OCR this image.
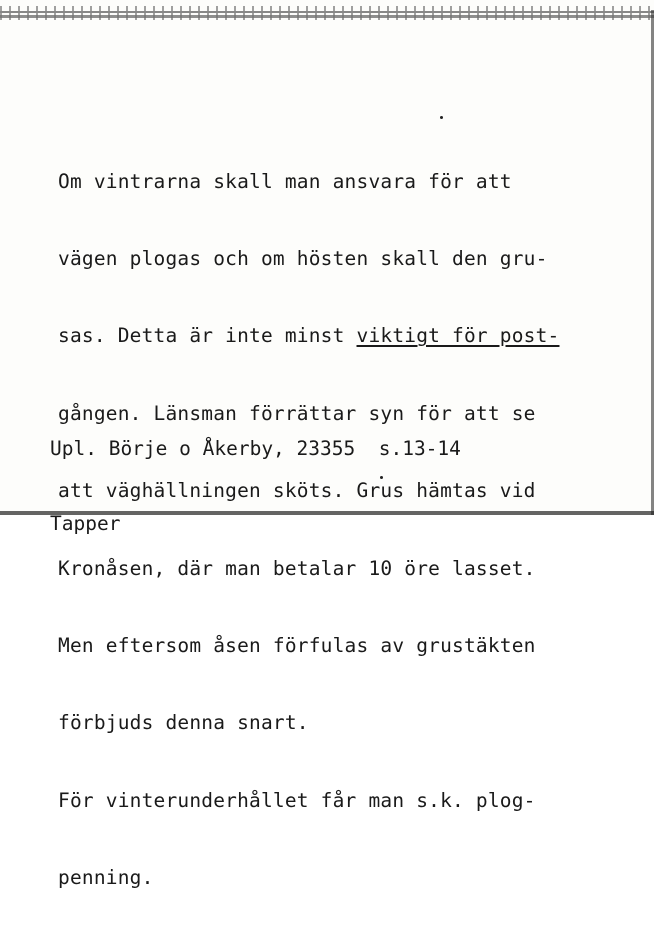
Om vintrarna skall man ansvara för att

vägen plogas och om hösten skall den gru-

sas. Detta är inte minst viktigt för post-

gången. Länsman förrättar syn för att se

att väghällningen sköts. Grus hämtas vid

Kronåsen, där man betalar 10 öre lasset.

Men eftersom åsen förfulas av grustäkten

förbjuds denna snart.

För vinterunderhållet får man s.k. plog-

penning.

Upl. Börje o Åkerby, 23355  s.13-14

Tapper
